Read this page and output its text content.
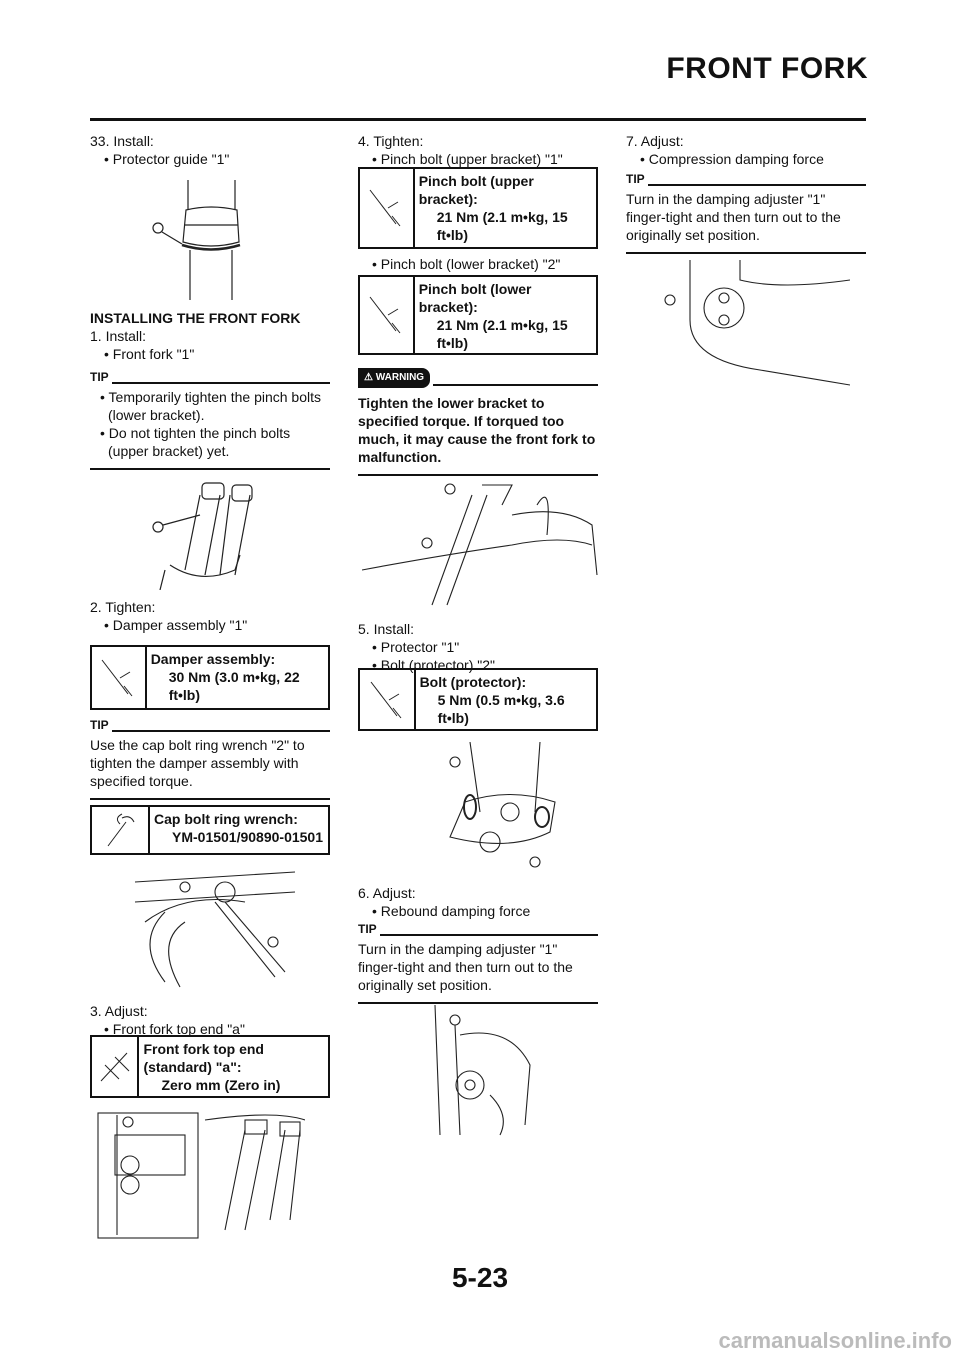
FRONT FORK
33. Install:
• Protector guide "1"
INSTALLING THE FRONT FORK
1. Install:
• Front fork "1"
TIP
• Temporarily tighten the pinch bolts (lower bracket).
• Do not tighten the pinch bolts (upper bracket) yet.
2. Tighten:
• Damper assembly "1"
Damper assembly:
30 Nm (3.0 m•kg, 22 ft•lb)
TIP
Use the cap bolt ring wrench "2" to tighten the damper assembly with specified torque.
Cap bolt ring wrench:
YM-01501/90890-01501
3. Adjust:
• Front fork top end "a"
Front fork top end (standard) "a":
Zero mm (Zero in)
4. Tighten:
• Pinch bolt (upper bracket) "1"
Pinch bolt (upper bracket):
21 Nm (2.1 m•kg, 15 ft•lb)
• Pinch bolt (lower bracket) "2"
Pinch bolt (lower bracket):
21 Nm (2.1 m•kg, 15 ft•lb)
⚠ WARNING
Tighten the lower bracket to specified torque. If torqued too much, it may cause the front fork to malfunction.
5. Install:
• Protector "1"
• Bolt (protector) "2"
Bolt (protector):
5 Nm (0.5 m•kg, 3.6 ft•lb)
6. Adjust:
• Rebound damping force
TIP
Turn in the damping adjuster "1" finger-tight and then turn out to the originally set position.
7. Adjust:
• Compression damping force
TIP
Turn in the damping adjuster "1" finger-tight and then turn out to the originally set position.
5-23
carmanualsonline.info
